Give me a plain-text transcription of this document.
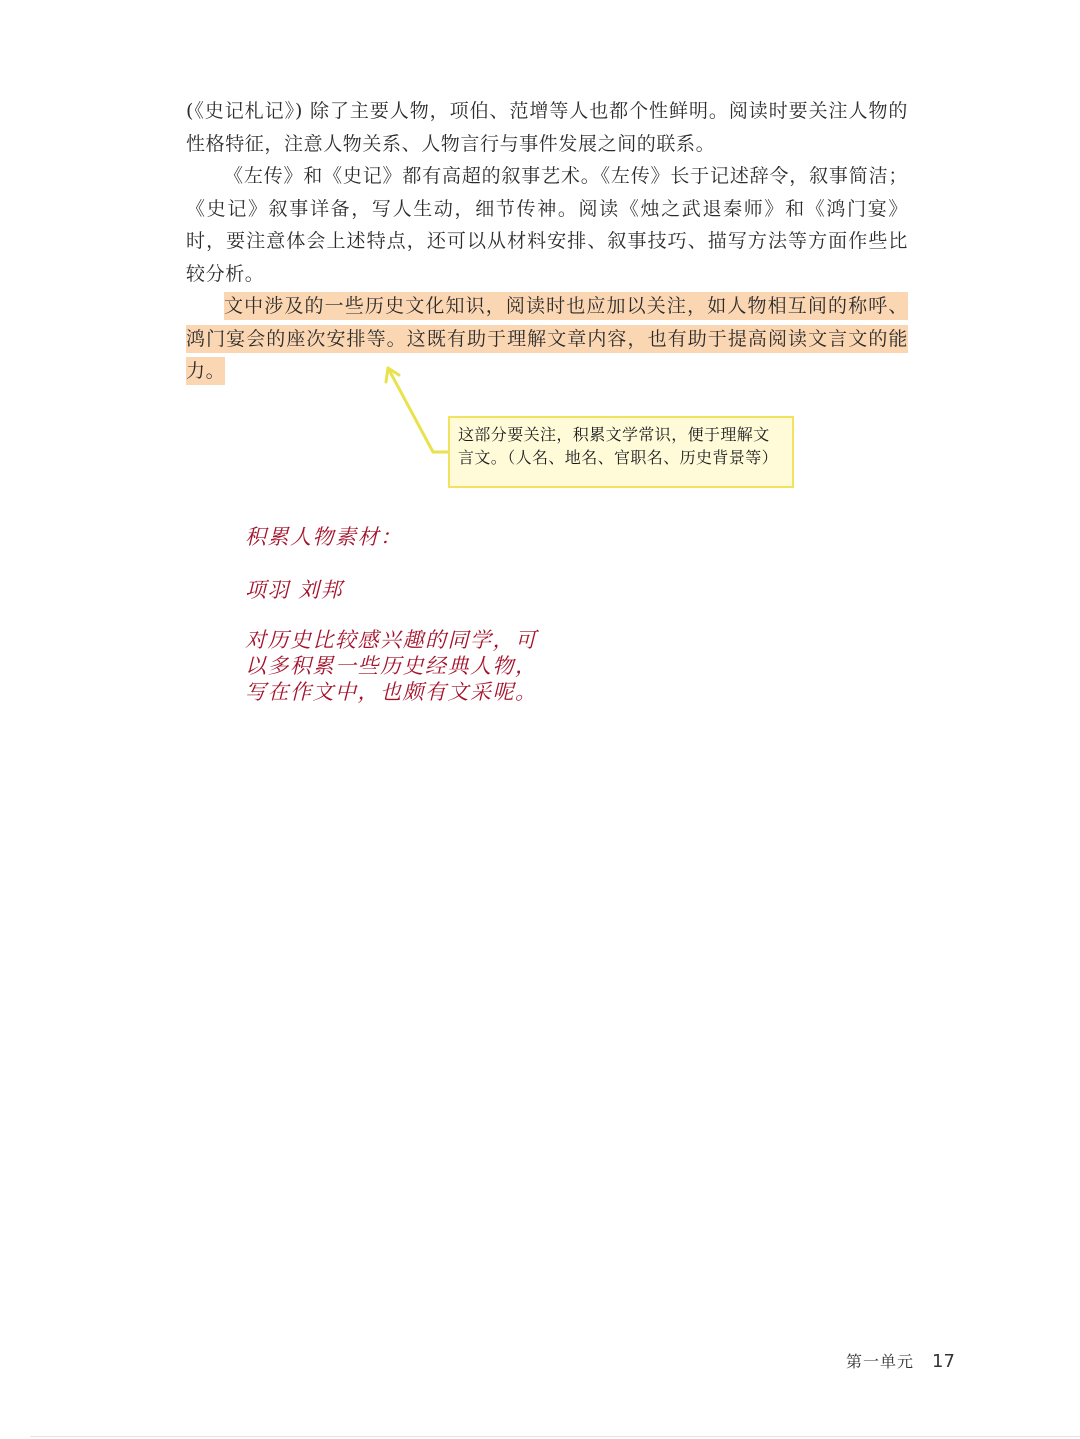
(《史记札记》) 除了主要人物，项伯、范增等人也都个性鲜明。阅读时要关注人物的性格特征，注意人物关系、人物言行与事件发展之间的联系。

《左传》和《史记》都有高超的叙事艺术。《左传》长于记述辞令，叙事简洁；《史记》叙事详备，写人生动，细节传神。阅读《烛之武退秦师》和《鸿门宴》时，要注意体会上述特点，还可以从材料安排、叙事技巧、描写方法等方面作些比较分析。

文中涉及的一些历史文化知识，阅读时也应加以关注，如人物相互间的称呼、鸿门宴会的座次安排等。这既有助于理解文章内容，也有助于提高阅读文言文的能力。

这部分要关注，积累文学常识，便于理解文言文。（人名、地名、官职名、历史背景等）
积累人物素材：
项羽 刘邦
对历史比较感兴趣的同学，可以多积累一些历史经典人物，写在作文中，也颇有文采呢。
第一单元 17
